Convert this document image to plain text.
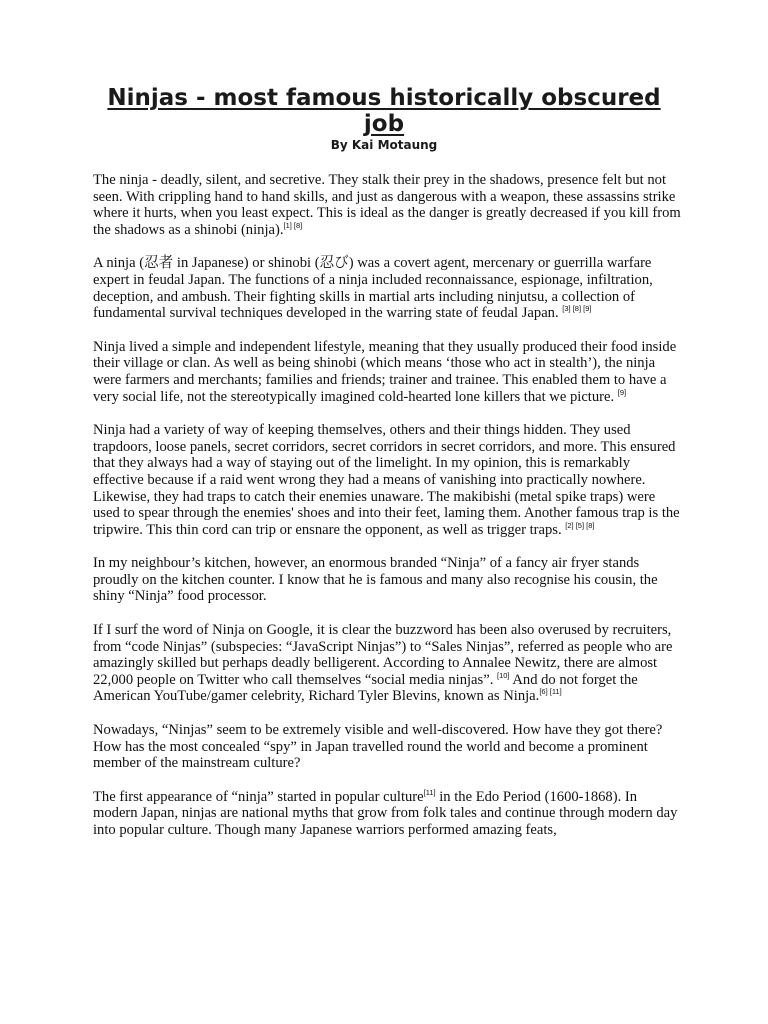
Ninjas - most famous historically obscured job
By Kai Motaung

The ninja - deadly, silent, and secretive. They stalk their prey in the shadows, presence felt but not seen. With crippling hand to hand skills, and just as dangerous with a weapon, these assassins strike where it hurts, when you least expect. This is ideal as the danger is greatly decreased if you kill from the shadows as a shinobi (ninja).[1] [8]

A ninja (忍者 in Japanese) or shinobi (忍び) was a covert agent, mercenary or guerrilla warfare expert in feudal Japan. The functions of a ninja included reconnaissance, espionage, infiltration, deception, and ambush. Their fighting skills in martial arts including ninjutsu, a collection of fundamental survival techniques developed in the warring state of feudal Japan. [3] [8] [9]

Ninja lived a simple and independent lifestyle, meaning that they usually produced their food inside their village or clan. As well as being shinobi (which means ‘those who act in stealth’), the ninja were farmers and merchants; families and friends; trainer and trainee. This enabled them to have a very social life, not the stereotypically imagined cold-hearted lone killers that we picture. [9]

Ninja had a variety of way of keeping themselves, others and their things hidden. They used trapdoors, loose panels, secret corridors, secret corridors in secret corridors, and more. This ensured that they always had a way of staying out of the limelight. In my opinion, this is remarkably effective because if a raid went wrong they had a means of vanishing into practically nowhere. Likewise, they had traps to catch their enemies unaware. The makibishi (metal spike traps) were used to spear through the enemies' shoes and into their feet, laming them. Another famous trap is the tripwire. This thin cord can trip or ensnare the opponent, as well as trigger traps. [2] [5] [8]

In my neighbour’s kitchen, however, an enormous branded “Ninja” of a fancy air fryer stands proudly on the kitchen counter. I know that he is famous and many also recognise his cousin, the shiny “Ninja” food processor.

If I surf the word of Ninja on Google, it is clear the buzzword has been also overused by recruiters, from “code Ninjas” (subspecies: “JavaScript Ninjas”) to “Sales Ninjas”, referred as people who are amazingly skilled but perhaps deadly belligerent. According to Annalee Newitz, there are almost 22,000 people on Twitter who call themselves “social media ninjas”. [10] And do not forget the American YouTube/gamer celebrity, Richard Tyler Blevins, known as Ninja.[6] [11]

Nowadays, “Ninjas” seem to be extremely visible and well-discovered. How have they got there? How has the most concealed “spy” in Japan travelled round the world and become a prominent member of the mainstream culture?

The first appearance of “ninja” started in popular culture[11] in the Edo Period (1600-1868). In modern Japan, ninjas are national myths that grow from folk tales and continue through modern day into popular culture. Though many Japanese warriors performed amazing feats,
